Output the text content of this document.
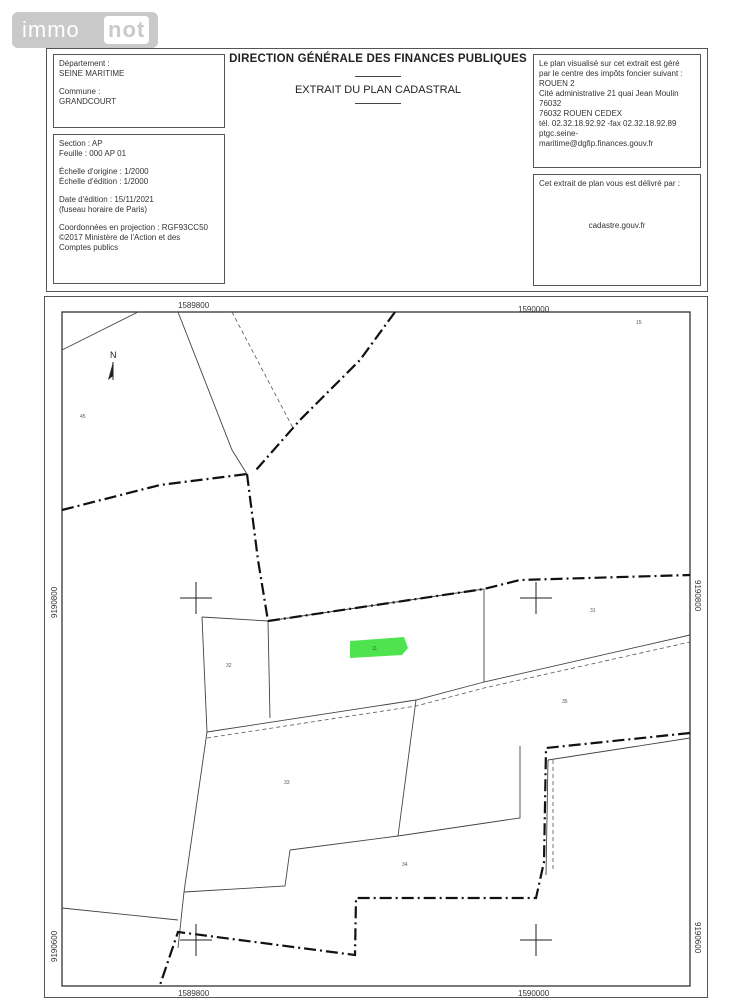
immo	not

Département :

SEINE MARITIME

Commune :

GRANDCOURT

DIRECTION GÉNÉRALE DES FINANCES PUBLIQUES
EXTRAIT DU PLAN CADASTRAL

Section : AP

Feuille : 000 AP 01

Échelle d'origine : 1/2000

Échelle d'édition : 1/2000

Date d'édition : 15/11/2021

(fuseau horaire de Paris)

Coordonnées en projection : RGF93CC50

©2017 Ministère de l'Action et des

Comptes publics

Le plan visualisé sur cet extrait est géré

par le centre des impôts foncier suivant :

ROUEN 2

Cité administrative 21 quai Jean Moulin

76032

76032 ROUEN CEDEX

tél. 02.32.18.92.92 -fax 02.32.18.92.89

ptgc.seine-

maritime@dgfip.finances.gouv.fr

Cet extrait de plan vous est délivré par :

cadastre.gouv.fr

N
15
45
11
31
32
35
33
34
1589800	1590000
1589800	1590000
9190800	9190800
9190600	9190600
